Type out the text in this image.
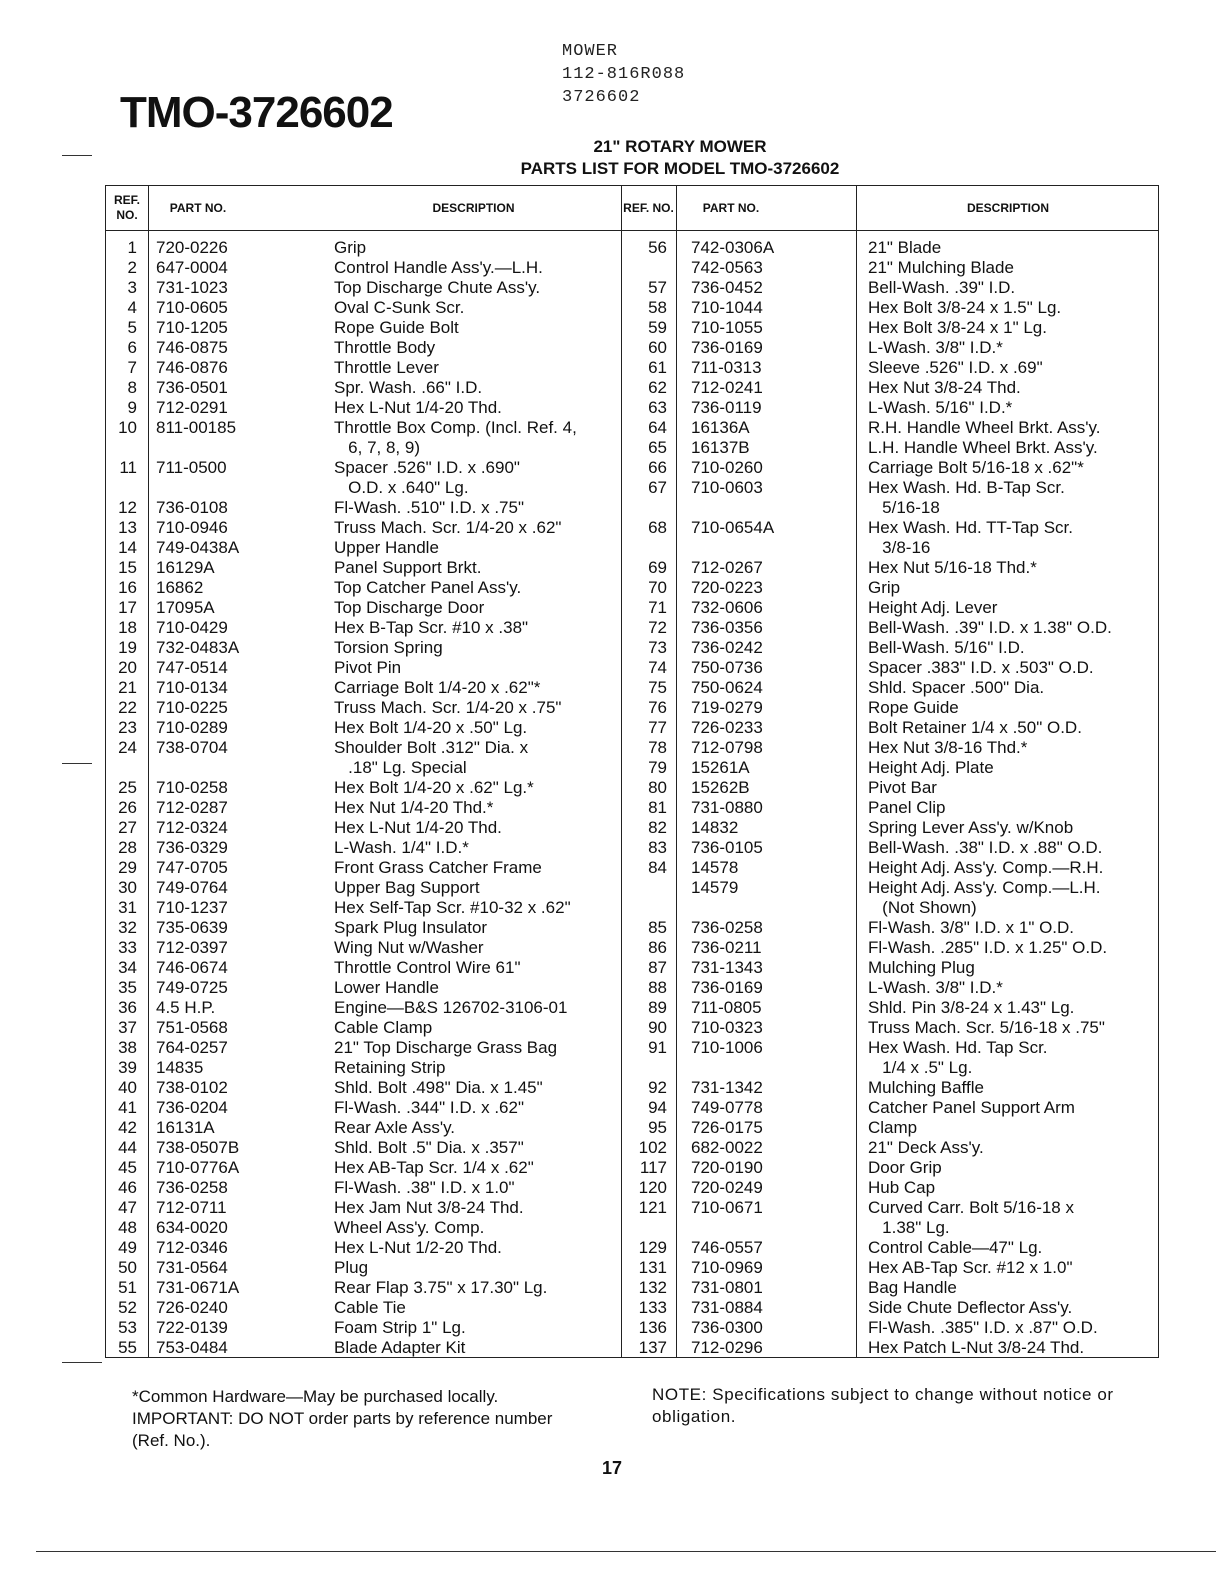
MOWER
112-816R088
3726602
TMO-3726602
21" ROTARY MOWER
PARTS LIST FOR MODEL TMO-3726602
REF. NO.
PART NO.	DESCRIPTION	REF. NO.	PART NO.	DESCRIPTION
1 720-0226	Grip	56 742-0306A	21" Blade
2 647-0004	Control Handle Ass'y.—L.H.	742-0563	21" Mulching Blade
3 731-1023	Top Discharge Chute Ass'y.	57 736-0452	Bell-Wash. .39" I.D.
4 710-0605	Oval C-Sunk Scr.	58 710-1044	Hex Bolt 3/8-24 x 1.5" Lg.
5 710-1205	Rope Guide Bolt	59 710-1055	Hex Bolt 3/8-24 x 1" Lg.
6 746-0875	Throttle Body	60 736-0169	L-Wash. 3/8" I.D.*
7 746-0876	Throttle Lever	61 711-0313	Sleeve .526" I.D. x .69"
8 736-0501	Spr. Wash. .66" I.D.	62 712-0241	Hex Nut 3/8-24 Thd.
9 712-0291	Hex L-Nut 1/4-20 Thd.	63 736-0119	L-Wash. 5/16" I.D.*
10 811-00185	Throttle Box Comp. (Incl. Ref. 4,	64 16136A	R.H. Handle Wheel Brkt. Ass'y.
6, 7, 8, 9)	65 16137B	L.H. Handle Wheel Brkt. Ass'y.
11 711-0500	Spacer .526" I.D. x .690"	66 710-0260	Carriage Bolt 5/16-18 x .62"*
O.D. x .640" Lg.	67 710-0603	Hex Wash. Hd. B-Tap Scr.
12 736-0108	Fl-Wash. .510" I.D. x .75"	5/16-18
13 710-0946	Truss Mach. Scr. 1/4-20 x .62"	68 710-0654A	Hex Wash. Hd. TT-Tap Scr.
14 749-0438A	Upper Handle	3/8-16
15 16129A	Panel Support Brkt.	69 712-0267	Hex Nut 5/16-18 Thd.*
16 16862	Top Catcher Panel Ass'y.	70 720-0223	Grip
17 17095A	Top Discharge Door	71 732-0606	Height Adj. Lever
18 710-0429	Hex B-Tap Scr. #10 x .38"	72 736-0356	Bell-Wash. .39" I.D. x 1.38" O.D.
19 732-0483A	Torsion Spring	73 736-0242	Bell-Wash. 5/16" I.D.
20 747-0514	Pivot Pin	74 750-0736	Spacer .383" I.D. x .503" O.D.
21 710-0134	Carriage Bolt 1/4-20 x .62"*	75 750-0624	Shld. Spacer .500" Dia.
22 710-0225	Truss Mach. Scr. 1/4-20 x .75"	76 719-0279	Rope Guide
23 710-0289	Hex Bolt 1/4-20 x .50" Lg.	77 726-0233	Bolt Retainer 1/4 x .50" O.D.
24 738-0704	Shoulder Bolt .312" Dia. x	78 712-0798	Hex Nut 3/8-16 Thd.*
.18" Lg. Special	79 15261A	Height Adj. Plate
25 710-0258	Hex Bolt 1/4-20 x .62" Lg.*	80 15262B	Pivot Bar
26 712-0287	Hex Nut 1/4-20 Thd.*	81 731-0880	Panel Clip
27 712-0324	Hex L-Nut 1/4-20 Thd.	82 14832	Spring Lever Ass'y. w/Knob
28 736-0329	L-Wash. 1/4" I.D.*	83 736-0105	Bell-Wash. .38" I.D. x .88" O.D.
29 747-0705	Front Grass Catcher Frame	84 14578	Height Adj. Ass'y. Comp.—R.H.
30 749-0764	Upper Bag Support	14579	Height Adj. Ass'y. Comp.—L.H.
31 710-1237	Hex Self-Tap Scr. #10-32 x .62"	(Not Shown)
32 735-0639	Spark Plug Insulator	85 736-0258	Fl-Wash. 3/8" I.D. x 1" O.D.
33 712-0397	Wing Nut w/Washer	86 736-0211	Fl-Wash. .285" I.D. x 1.25" O.D.
34 746-0674	Throttle Control Wire 61"	87 731-1343	Mulching Plug
35 749-0725	Lower Handle	88 736-0169	L-Wash. 3/8" I.D.*
36 4.5 H.P.	Engine—B&S 126702-3106-01	89 711-0805	Shld. Pin 3/8-24 x 1.43" Lg.
37 751-0568	Cable Clamp	90 710-0323	Truss Mach. Scr. 5/16-18 x .75"
38 764-0257	21" Top Discharge Grass Bag	91 710-1006	Hex Wash. Hd. Tap Scr.
39 14835	Retaining Strip	1/4 x .5" Lg.
40 738-0102	Shld. Bolt .498" Dia. x 1.45"	92 731-1342	Mulching Baffle
41 736-0204	Fl-Wash. .344" I.D. x .62"	94 749-0778	Catcher Panel Support Arm
42 16131A	Rear Axle Ass'y.	95 726-0175	Clamp
44 738-0507B	Shld. Bolt .5" Dia. x .357"	102 682-0022	21" Deck Ass'y.
45 710-0776A	Hex AB-Tap Scr. 1/4 x .62"	117 720-0190	Door Grip
46 736-0258	Fl-Wash. .38" I.D. x 1.0"	120 720-0249	Hub Cap
47 712-0711	Hex Jam Nut 3/8-24 Thd.	121 710-0671	Curved Carr. Bolt 5/16-18 x
48 634-0020	Wheel Ass'y. Comp.	1.38" Lg.
49 712-0346	Hex L-Nut 1/2-20 Thd.	129 746-0557	Control Cable—47" Lg.
50 731-0564	Plug	131 710-0969	Hex AB-Tap Scr. #12 x 1.0"
51 731-0671A	Rear Flap 3.75" x 17.30" Lg.	132 731-0801	Bag Handle
52 726-0240	Cable Tie	133 731-0884	Side Chute Deflector Ass'y.
53 722-0139	Foam Strip 1" Lg.	136 736-0300	Fl-Wash. .385" I.D. x .87" O.D.
55 753-0484	Blade Adapter Kit	137 712-0296	Hex Patch L-Nut 3/8-24 Thd.
*Common Hardware—May be purchased locally. IMPORTANT: DO NOT order parts by reference number (Ref. No.).
NOTE: Specifications subject to change without notice or obligation.
17
